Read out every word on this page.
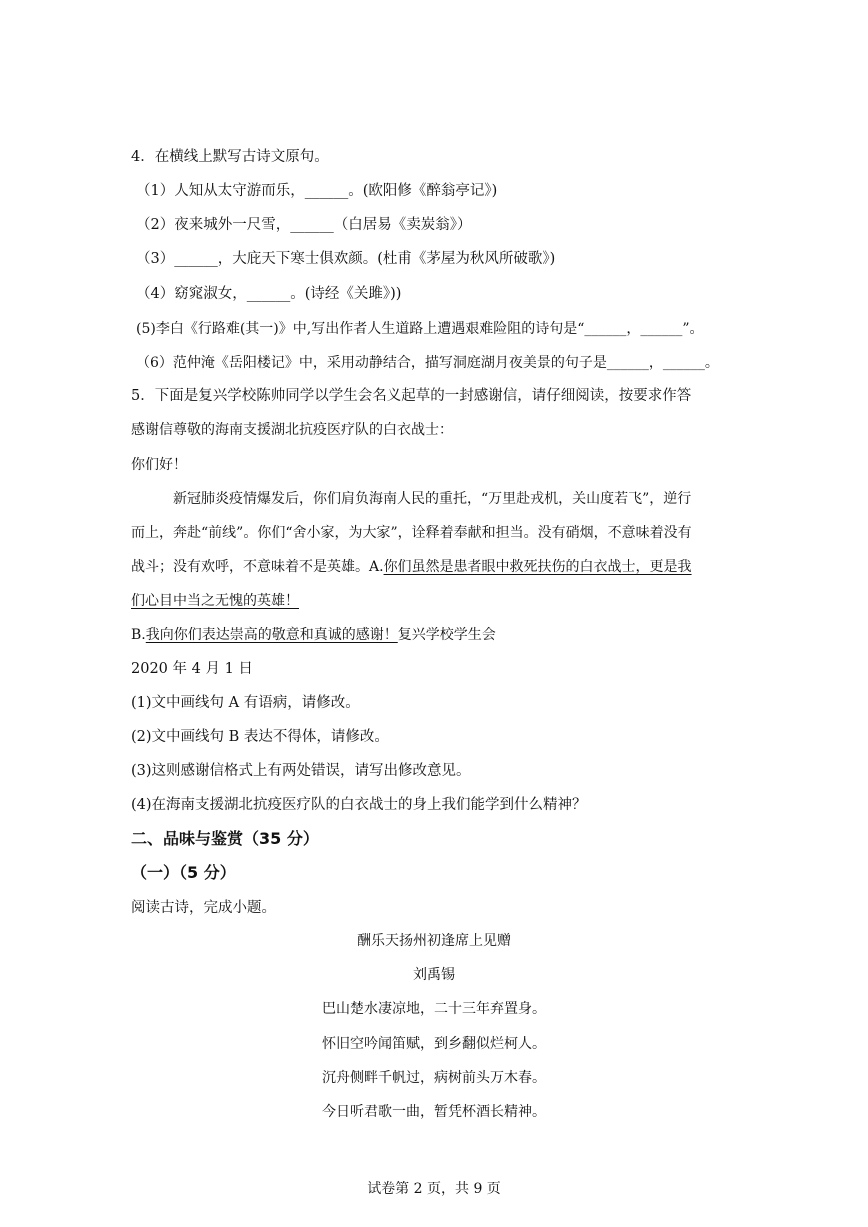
4．在横线上默写古诗文原句。
（1）人知从太守游而乐，______。(欧阳修《醉翁亭记》)
（2）夜来城外一尺雪，______（白居易《卖炭翁》）
（3）______，大庇天下寒士俱欢颜。(杜甫《茅屋为秋风所破歌》)
（4）窈窕淑女，______。(诗经《关雎》))
(5)李白《行路难(其一)》中,写出作者人生道路上遭遇艰难险阻的诗句是“______，______”。
（6）范仲淹《岳阳楼记》中，采用动静结合，描写洞庭湖月夜美景的句子是______，______。
5．下面是复兴学校陈帅同学以学生会名义起草的一封感谢信，请仔细阅读，按要求作答
感谢信尊敬的海南支援湖北抗疫医疗队的白衣战士：
你们好！
新冠肺炎疫情爆发后，你们肩负海南人民的重托，“万里赴戎机，关山度若飞”，逆行
而上，奔赴“前线”。你们“舍小家，为大家”，诠释着奉献和担当。没有硝烟，不意味着没有
战斗；没有欢呼，不意味着不是英雄。A.你们虽然是患者眼中救死扶伤的白衣战士，更是我
们心目中当之无愧的英雄！
B.我向你们表达崇高的敬意和真诚的感谢！复兴学校学生会
2020 年 4 月 1 日
(1)文中画线句 A 有语病，请修改。
(2)文中画线句 B 表达不得体，请修改。
(3)这则感谢信格式上有两处错误，请写出修改意见。
(4)在海南支援湖北抗疫医疗队的白衣战士的身上我们能学到什么精神？
二、品味与鉴赏（35 分）
（一）（5 分）
阅读古诗，完成小题。
酬乐天扬州初逢席上见赠
刘禹锡
巴山楚水凄凉地，二十三年弃置身。
怀旧空吟闻笛赋，到乡翻似烂柯人。
沉舟侧畔千帆过，病树前头万木春。
今日听君歌一曲，暂凭杯酒长精神。
试卷第 2 页，共 9 页
